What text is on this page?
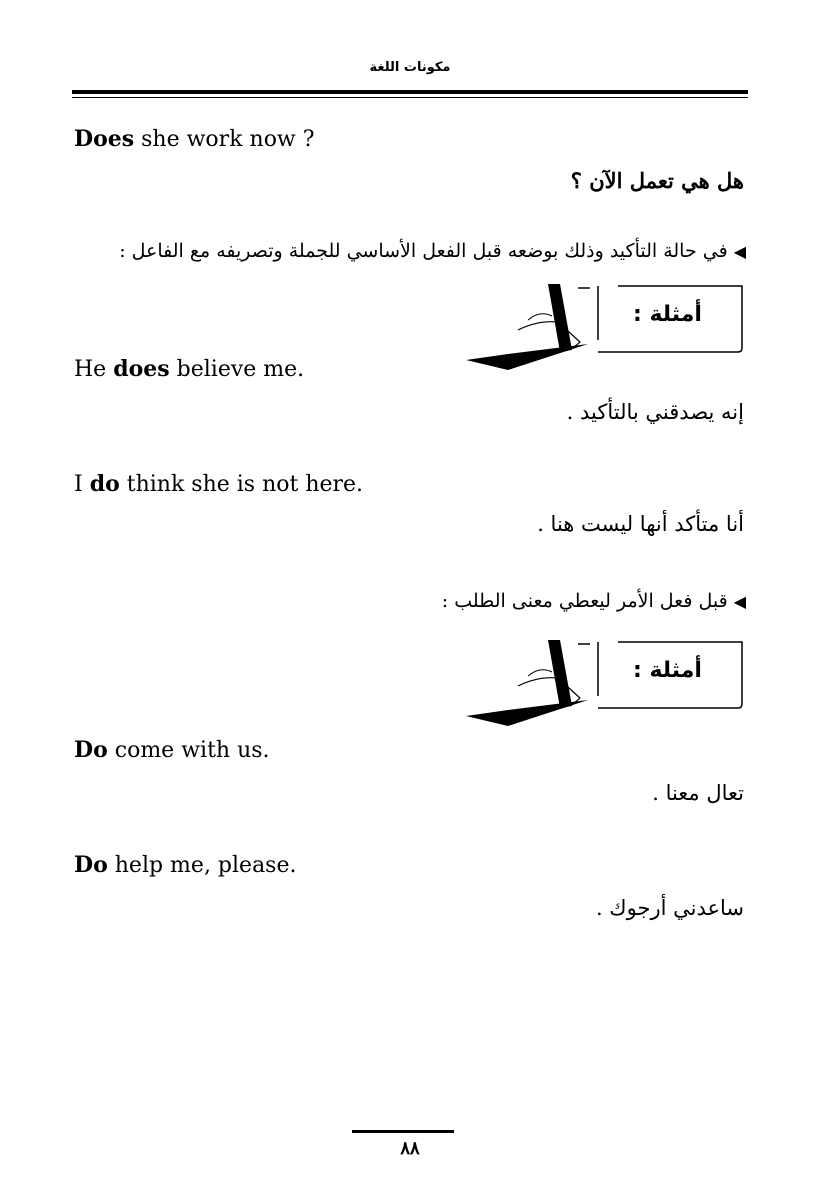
مكونات اللغة
Does she work now ?
هل هي تعمل الآن ؟
◀في حالة التأكيد وذلك بوضعه قبل الفعل الأساسي للجملة وتصريفه مع الفاعل :
أمثلة :
He does believe me.
إنه يصدقني بالتأكيد .
I do think she is not here.
أنا متأكد أنها ليست هنا .
◀قبل فعل الأمر ليعطي معنى الطلب :
أمثلة :
Do come with us.
تعال معنا .
Do help me, please.
ساعدني أرجوك .
٨٨
